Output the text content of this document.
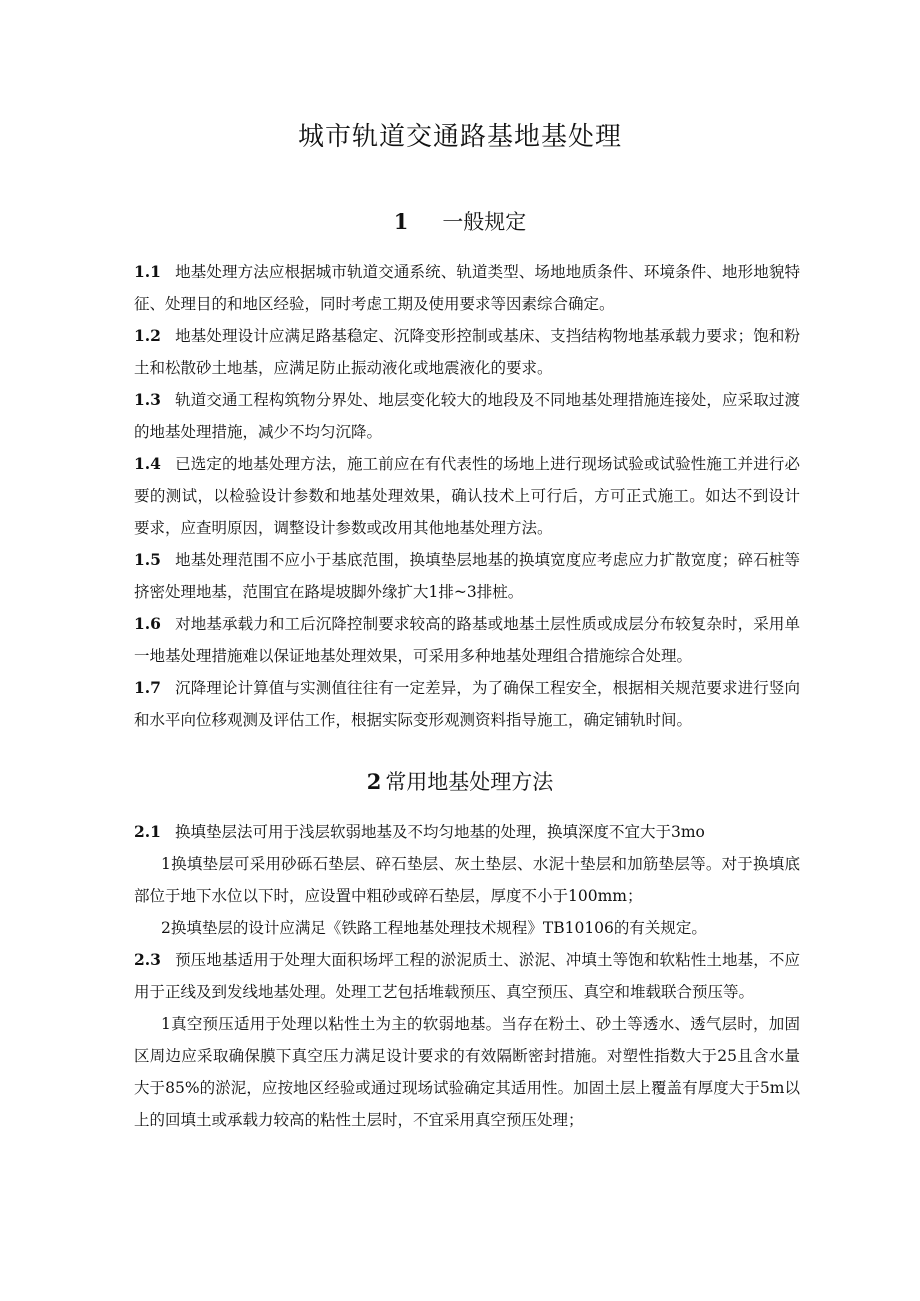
城市轨道交通路基地基处理
1 一般规定

1.1 地基处理方法应根据城市轨道交通系统、轨道类型、场地地质条件、环境条件、地形地貌特征、处理目的和地区经验，同时考虑工期及使用要求等因素综合确定。

1.2 地基处理设计应满足路基稳定、沉降变形控制或基床、支挡结构物地基承载力要求；饱和粉土和松散砂土地基，应满足防止振动液化或地震液化的要求。

1.3 轨道交通工程构筑物分界处、地层变化较大的地段及不同地基处理措施连接处，应采取过渡的地基处理措施，减少不均匀沉降。

1.4 已选定的地基处理方法，施工前应在有代表性的场地上进行现场试验或试验性施工并进行必要的测试，以检验设计参数和地基处理效果，确认技术上可行后，方可正式施工。如达不到设计要求，应查明原因，调整设计参数或改用其他地基处理方法。

1.5 地基处理范围不应小于基底范围，换填垫层地基的换填宽度应考虑应力扩散宽度；碎石桩等挤密处理地基，范围宜在路堤坡脚外缘扩大1排~3排桩。

1.6 对地基承载力和工后沉降控制要求较高的路基或地基土层性质或成层分布较复杂时，采用单一地基处理措施难以保证地基处理效果，可采用多种地基处理组合措施综合处理。

1.7 沉降理论计算值与实测值往往有一定差异，为了确保工程安全，根据相关规范要求进行竖向和水平向位移观测及评估工作，根据实际变形观测资料指导施工，确定铺轨时间。

2 常用地基处理方法

2.1 换填垫层法可用于浅层软弱地基及不均匀地基的处理，换填深度不宜大于3mo

1换填垫层可采用砂砾石垫层、碎石垫层、灰土垫层、水泥十垫层和加筋垫层等。对于换填底部位于地下水位以下时，应设置中粗砂或碎石垫层，厚度不小于100mm；

2换填垫层的设计应满足《铁路工程地基处理技术规程》TB10106的有关规定。

2.3 预压地基适用于处理大面积场坪工程的淤泥质土、淤泥、冲填土等饱和软粘性土地基，不应用于正线及到发线地基处理。处理工艺包括堆载预压、真空预压、真空和堆载联合预压等。

1真空预压适用于处理以粘性土为主的软弱地基。当存在粉土、砂土等透水、透气层时，加固区周边应采取确保膜下真空压力满足设计要求的有效隔断密封措施。对塑性指数大于25且含水量大于85%的淤泥，应按地区经验或通过现场试验确定其适用性。加固土层上覆盖有厚度大于5m以上的回填土或承载力较高的粘性土层时，不宜采用真空预压处理；
